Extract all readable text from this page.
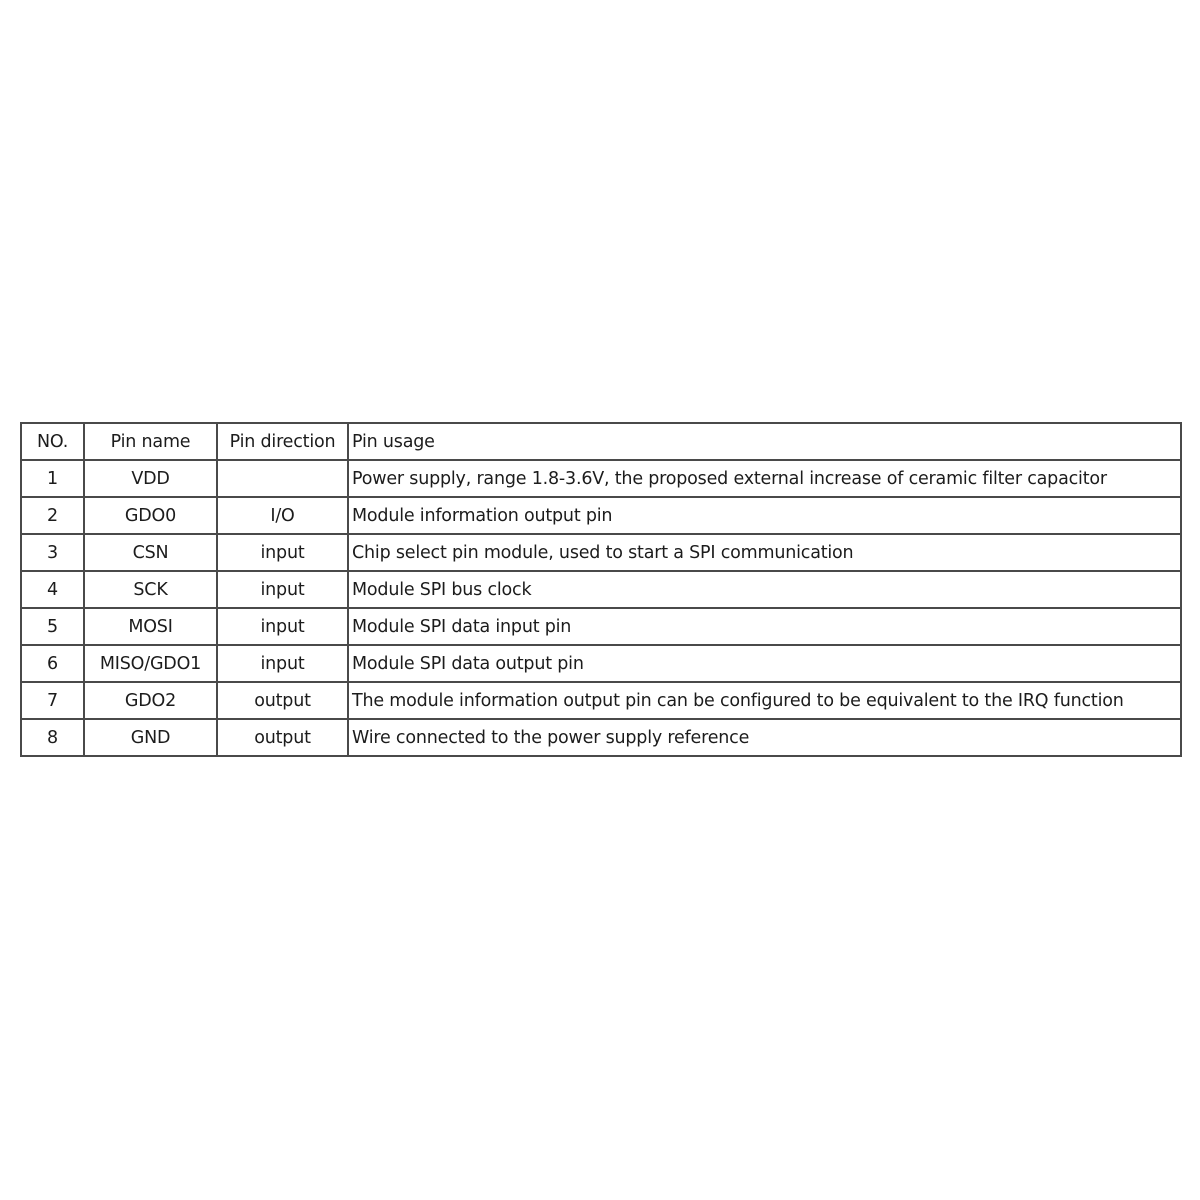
NO.	Pin name	Pin direction	Pin usage
1	VDD		Power supply, range 1.8-3.6V, the proposed external increase of ceramic filter capacitor
2	GDO0	I/O	Module information output pin
3	CSN	input	Chip select pin module, used to start a SPI communication
4	SCK	input	Module SPI bus clock
5	MOSI	input	Module SPI data input pin
6	MISO/GDO1	input	Module SPI data output pin
7	GDO2	output	The module information output pin can be configured to be equivalent to the IRQ function
8	GND	output	Wire connected to the power supply reference
